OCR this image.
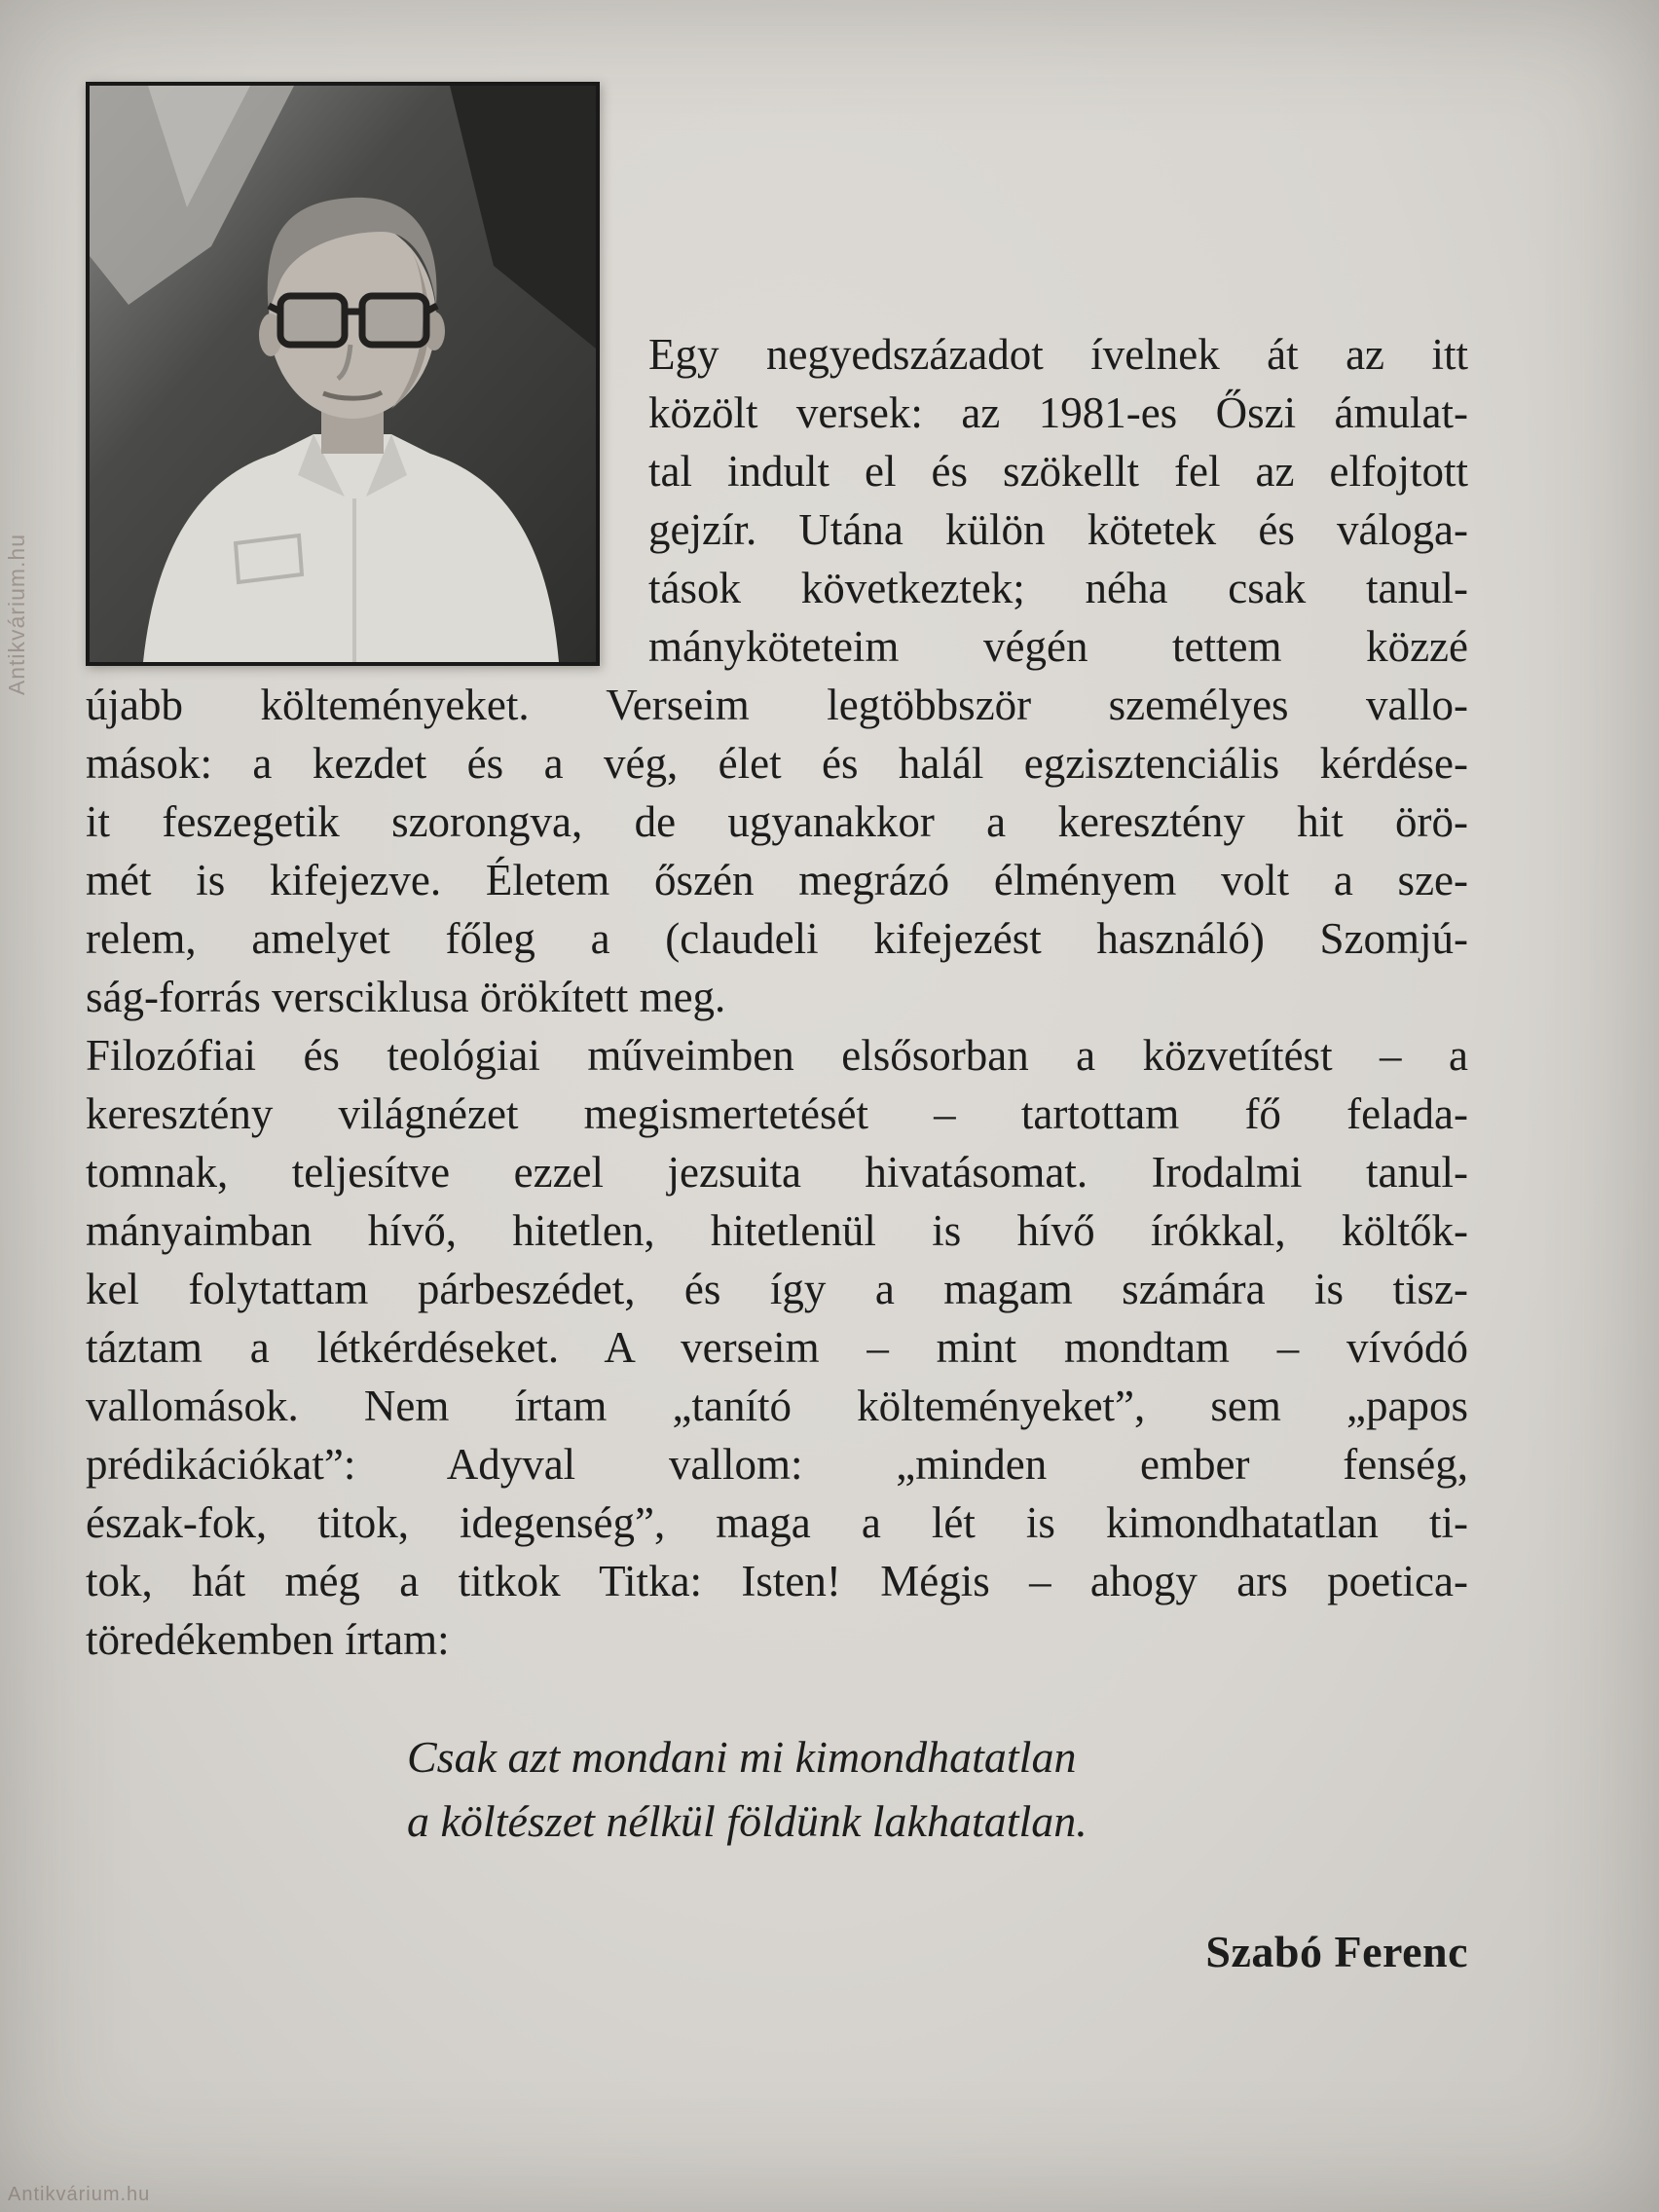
Antikvárium.hu
Egy negyedszázadot ívelnek át az itt
közölt versek: az 1981-es Őszi ámulat-
tal indult el és szökellt fel az elfojtott
gejzír. Utána külön kötetek és váloga-
tások következtek; néha csak tanul-
mányköteteim végén tettem közzé
újabb költeményeket. Verseim legtöbbször személyes vallo-
mások: a kezdet és a vég, élet és halál egzisztenciális kérdése-
it feszegetik szorongva, de ugyanakkor a keresztény hit örö-
mét is kifejezve. Életem őszén megrázó élményem volt a sze-
relem, amelyet főleg a (claudeli kifejezést használó) Szomjú-
ság-forrás versciklusa örökített meg.
Filozófiai és teológiai műveimben elsősorban a közvetítést – a
keresztény világnézet megismertetését – tartottam fő felada-
tomnak, teljesítve ezzel jezsuita hivatásomat. Irodalmi tanul-
mányaimban hívő, hitetlen, hitetlenül is hívő írókkal, költők-
kel folytattam párbeszédet, és így a magam számára is tisz-
táztam a létkérdéseket. A verseim – mint mondtam – vívódó
vallomások. Nem írtam „tanító költeményeket”, sem „papos
prédikációkat”: Adyval vallom: „minden ember fenség,
észak-fok, titok, idegenség”, maga a lét is kimondhatatlan ti-
tok, hát még a titkok Titka: Isten! Mégis – ahogy ars poetica-
töredékemben írtam:
Csak azt mondani mi kimondhatatlan
a költészet nélkül földünk lakhatatlan.
Szabó Ferenc
Antikvárium.hu
